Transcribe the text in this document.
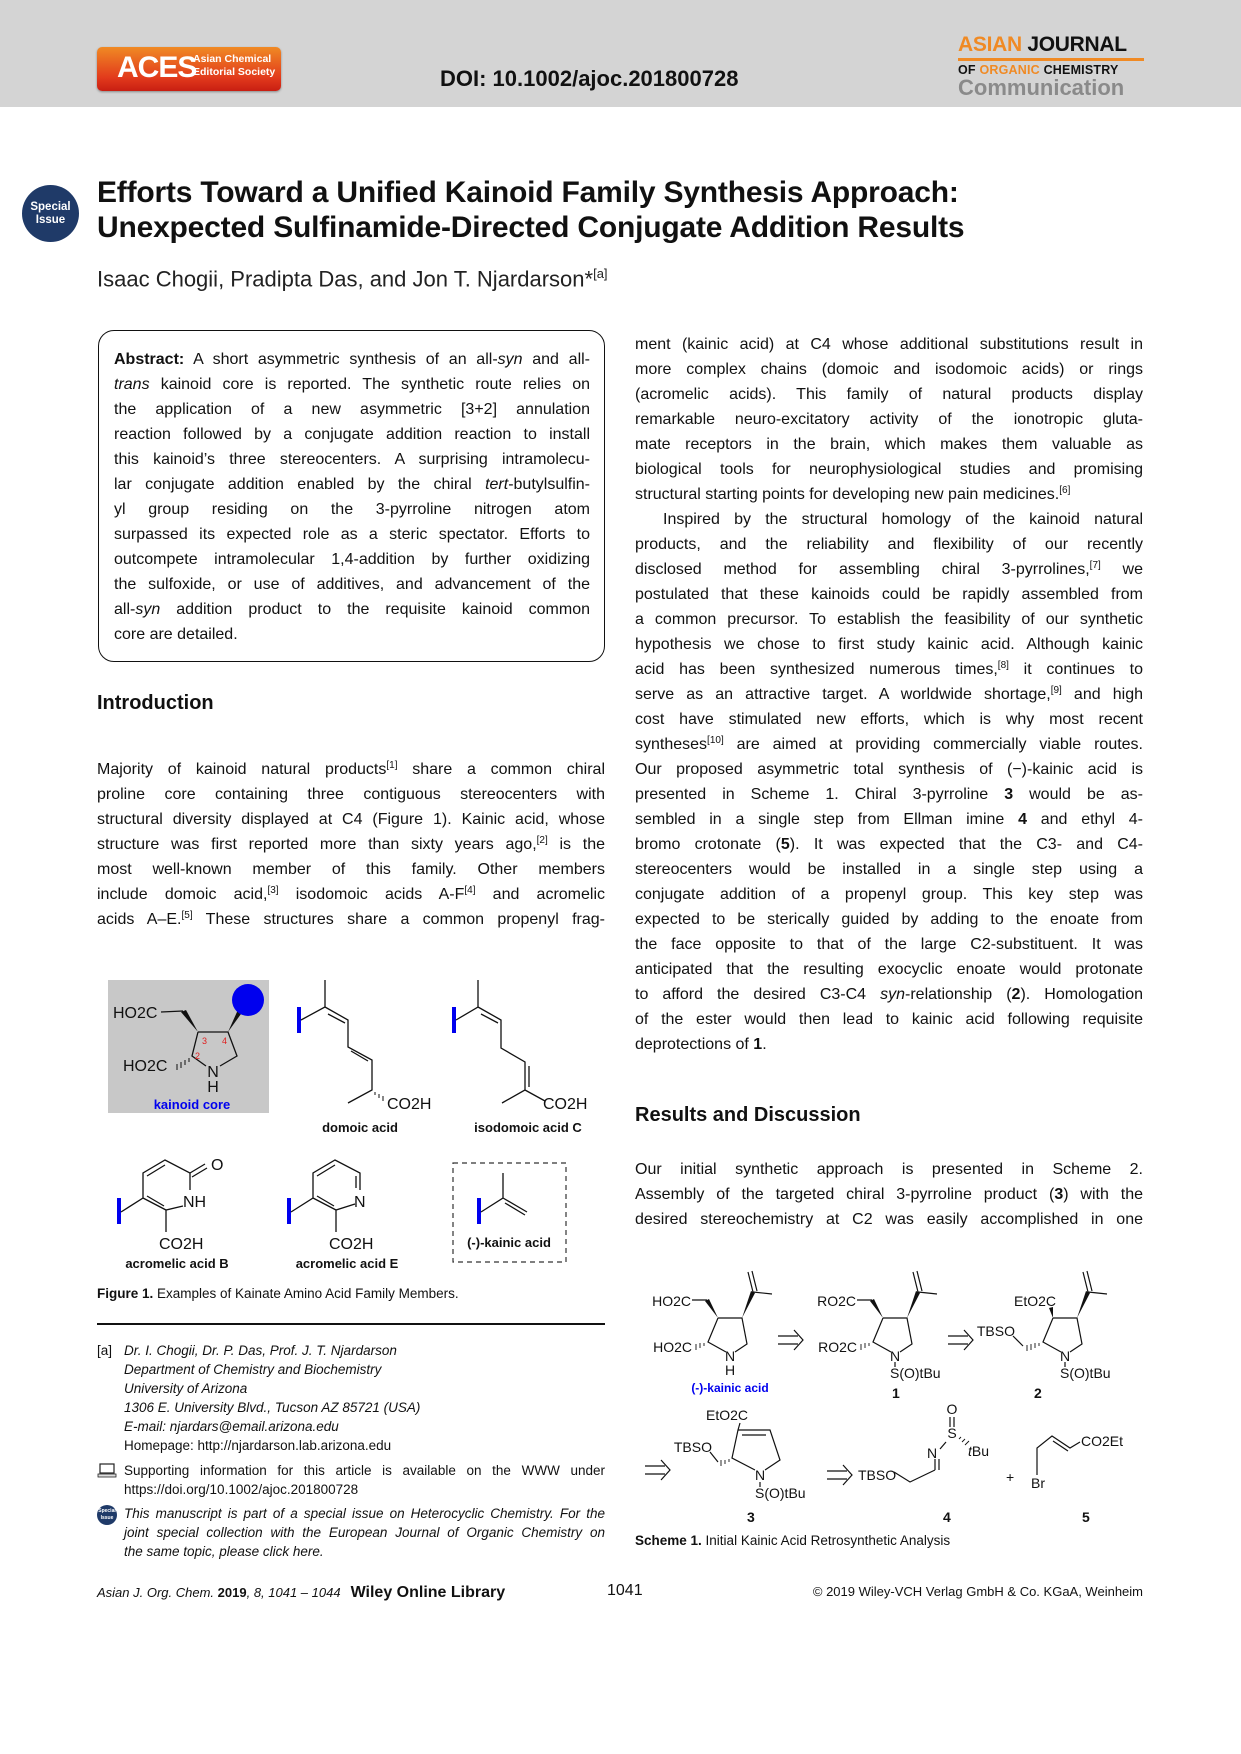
ACES
Asian Chemical
Editorial Society	DOI: 10.1002/ajoc.201800728
ASIAN JOURNAL
OF ORGANIC CHEMISTRY
Communication
Special
Issue
Efforts Toward a Unified Kainoid Family Synthesis Approach:
Unexpected Sulfinamide-Directed Conjugate Addition Results
Isaac Chogii, Pradipta Das, and Jon T. Njardarson*[a]
Abstract: A short asymmetric synthesis of an all-syn and all-
trans kainoid core is reported. The synthetic route relies on
the application of a new asymmetric [3+2] annulation
reaction followed by a conjugate addition reaction to install
this kainoid’s three stereocenters. A surprising intramolecu-
lar conjugate addition enabled by the chiral tert-butylsulfin-
yl group residing on the 3-pyrroline nitrogen atom
surpassed its expected role as a steric spectator. Efforts to
outcompete intramolecular 1,4-addition by further oxidizing
the sulfoxide, or use of additives, and advancement of the
all-syn addition product to the requisite kainoid common
core are detailed.
Introduction
Majority of kainoid natural products[1] share a common chiral
proline core containing three contiguous stereocenters with
structural diversity displayed at C4 (Figure 1). Kainic acid, whose
structure was first reported more than sixty years ago,[2] is the
most well-known member of this family. Other members
include domoic acid,[3] isodomoic acids A-F[4] and acromelic
acids A–E.[5] These structures share a common propenyl frag-
ment (kainic acid) at C4 whose additional substitutions result in
more complex chains (domoic and isodomoic acids) or rings
(acromelic acids). This family of natural products display
remarkable neuro-excitatory activity of the ionotropic gluta-
mate receptors in the brain, which makes them valuable as
biological tools for neurophysiological studies and promising
structural starting points for developing new pain medicines.[6]
Inspired by the structural homology of the kainoid natural
products, and the reliability and flexibility of our recently
disclosed method for assembling chiral 3-pyrrolines,[7] we
postulated that these kainoids could be rapidly assembled from
a common precursor. To establish the feasibility of our synthetic
hypothesis we chose to first study kainic acid. Although kainic
acid has been synthesized numerous times,[8] it continues to
serve as an attractive target. A worldwide shortage,[9] and high
cost have stimulated new efforts, which is why most recent
syntheses[10] are aimed at providing commercially viable routes.
Our proposed asymmetric total synthesis of (−)-kainic acid is
presented in Scheme 1. Chiral 3-pyrroline 3 would be as-
sembled in a single step from Ellman imine 4 and ethyl 4-
bromo crotonate (5). It was expected that the C3- and C4-
stereocenters would be installed in a single step using a
conjugate addition of a propenyl group. This key step was
expected to be sterically guided by adding to the enoate from
the face opposite to that of the large C2-substituent. It was
anticipated that the resulting exocyclic enoate would protonate
to afford the desired C3-C4 syn-relationship (2). Homologation
of the ester would then lead to kainic acid following requisite
deprotections of 1.
Results and Discussion
Our initial synthetic approach is presented in Scheme 2.
Assembly of the targeted chiral 3-pyrroline product (3) with the
desired stereochemistry at C2 was easily accomplished in one
HO2C
HO2C N
H
3 4
2
kainoid core	CO2H
domoic acid
CO2H
isodomoic acid C
O
NH
CO2H
acromelic acid B
N
CO2H
acromelic acid E
(-)-kainic acid
Figure 1. Examples of Kainate Amino Acid Family Members.
[a] Dr. I. Chogii, Dr. P. Das, Prof. J. T. Njardarson
Department of Chemistry and Biochemistry
University of Arizona
1306 E. University Blvd., Tucson AZ 85721 (USA)
E-mail: njardars@email.arizona.edu
Homepage: http://njardarson.lab.arizona.edu
Supporting information for this article is available on the WWW under
https://doi.org/10.1002/ajoc.201800728
Special
Issue This manuscript is part of a special issue on Heterocyclic Chemistry. For the
joint special collection with the European Journal of Organic Chemistry on
the same topic, please click here.
HO2C
HO2C
N
H
(-)-kainic acid
RO2C
RO2C
N
S(O)tBu
1
EtO2C
TBSO
N
S(O)tBu
2
EtO2C
TBSO
N
S(O)tBu
3
TBSO
N
S
O
tBu
4
+ Br
CO2Et
5
Scheme 1. Initial Kainic Acid Retrosynthetic Analysis
Asian J. Org. Chem. 2019, 8, 1041 – 1044 Wiley Online Library	1041	© 2019 Wiley-VCH Verlag GmbH & Co. KGaA, Weinheim
